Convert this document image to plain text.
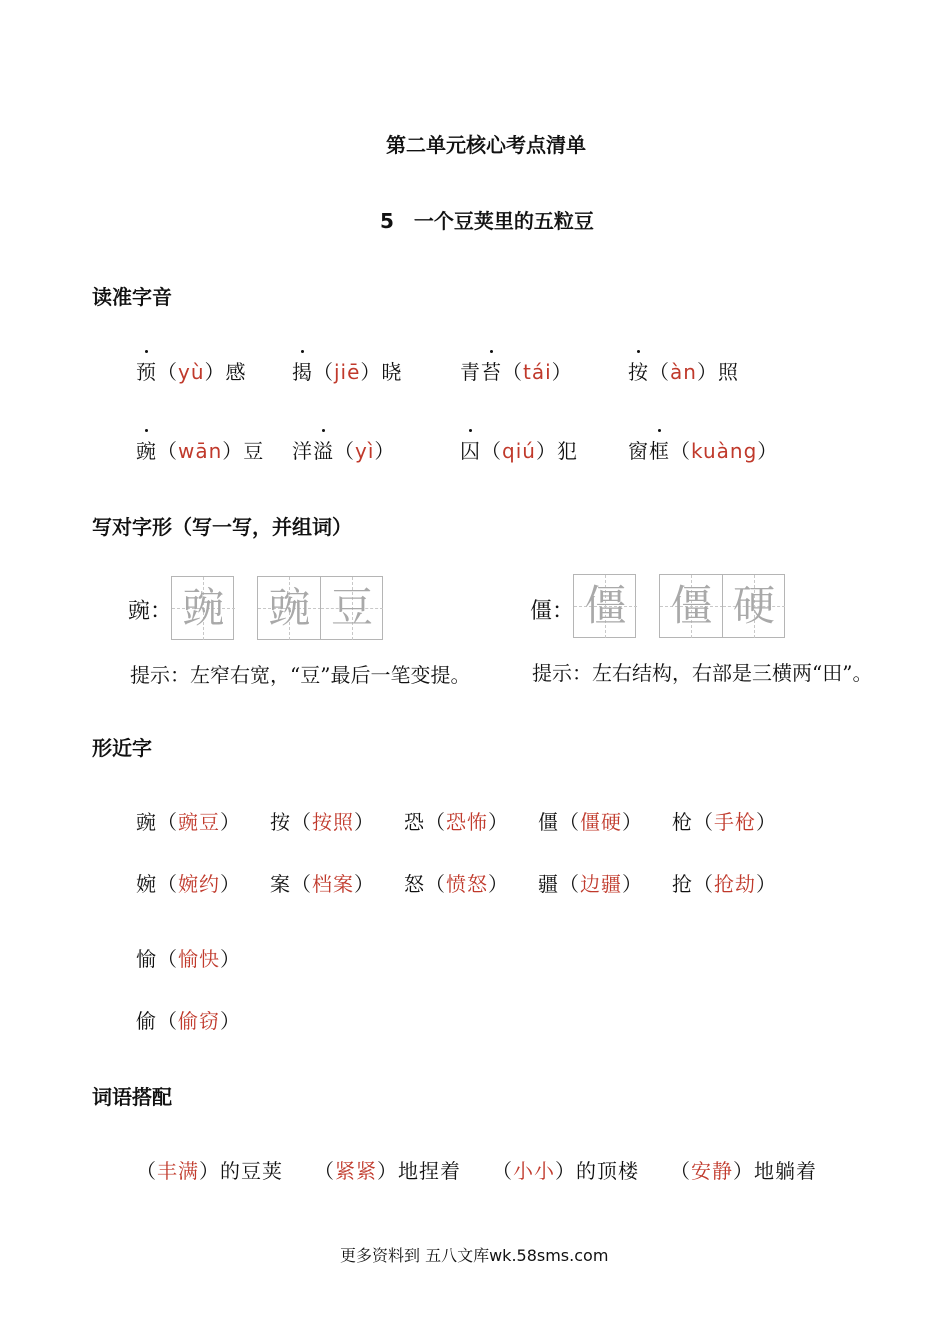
第二单元核心考点清单
5　一个豆荚里的五粒豆
读准字音
预（yù）感 揭（jiē）晓	青苔（tái）	按（àn）照
豌（wān）豆 洋溢（yì）	囚（qiú）犯	窗框（kuàng）
写对字形（写一写，并组词）
豌： 豌 豌 豆
提示：左窄右宽，“豆”最后一笔变提。
僵： 僵 僵 硬
提示：左右结构，右部是三横两“田”。
形近字
豌（豌豆） 按（按照） 恐（恐怖） 僵（僵硬） 枪（手枪）
婉（婉约） 案（档案） 怒（愤怒） 疆（边疆） 抢（抢劫）
愉（愉快）
偷（偷窃）
词语搭配
（丰满）的豆荚 （紧紧）地捏着 （小小）的顶楼 （安静）地躺着
更多资料到 五八文库wk.58sms.com
